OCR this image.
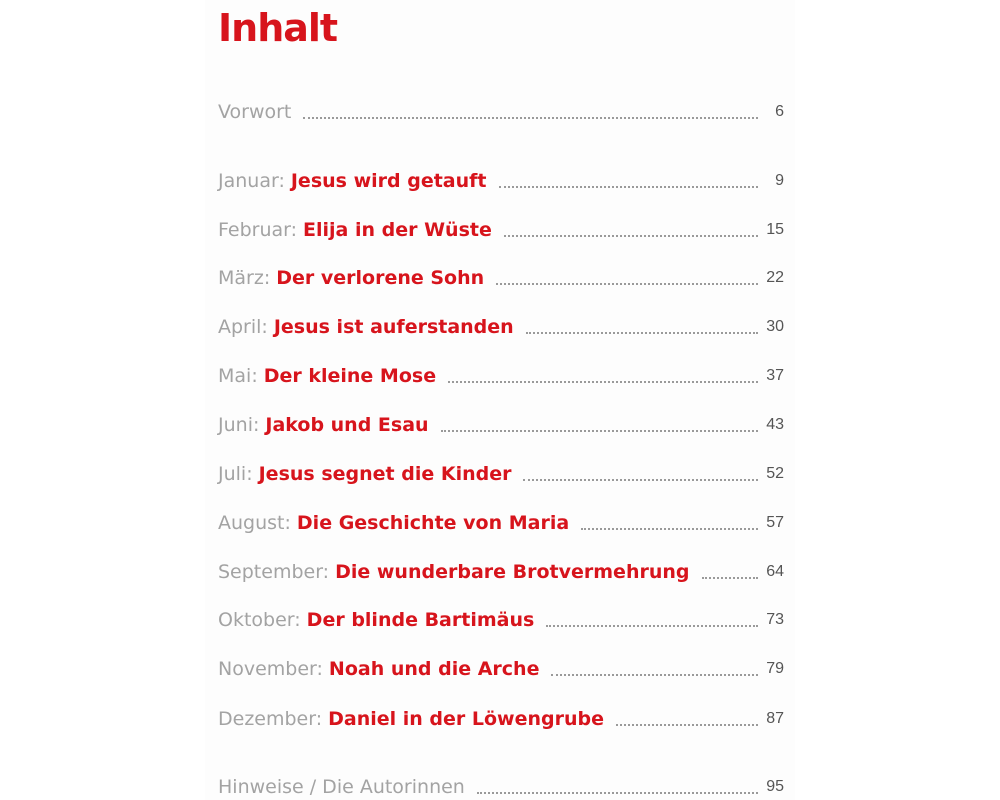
Inhalt
Vorwort	6
Januar: Jesus wird getauft	9
Februar: Elija in der Wüste	15
März: Der verlorene Sohn	22
April: Jesus ist auferstanden	30
Mai: Der kleine Mose	37
Juni: Jakob und Esau	43
Juli: Jesus segnet die Kinder	52
August: Die Geschichte von Maria	57
September: Die wunderbare Brotvermehrung	64
Oktober: Der blinde Bartimäus	73
November: Noah und die Arche	79
Dezember: Daniel in der Löwengrube	87
Hinweise / Die Autorinnen	95
